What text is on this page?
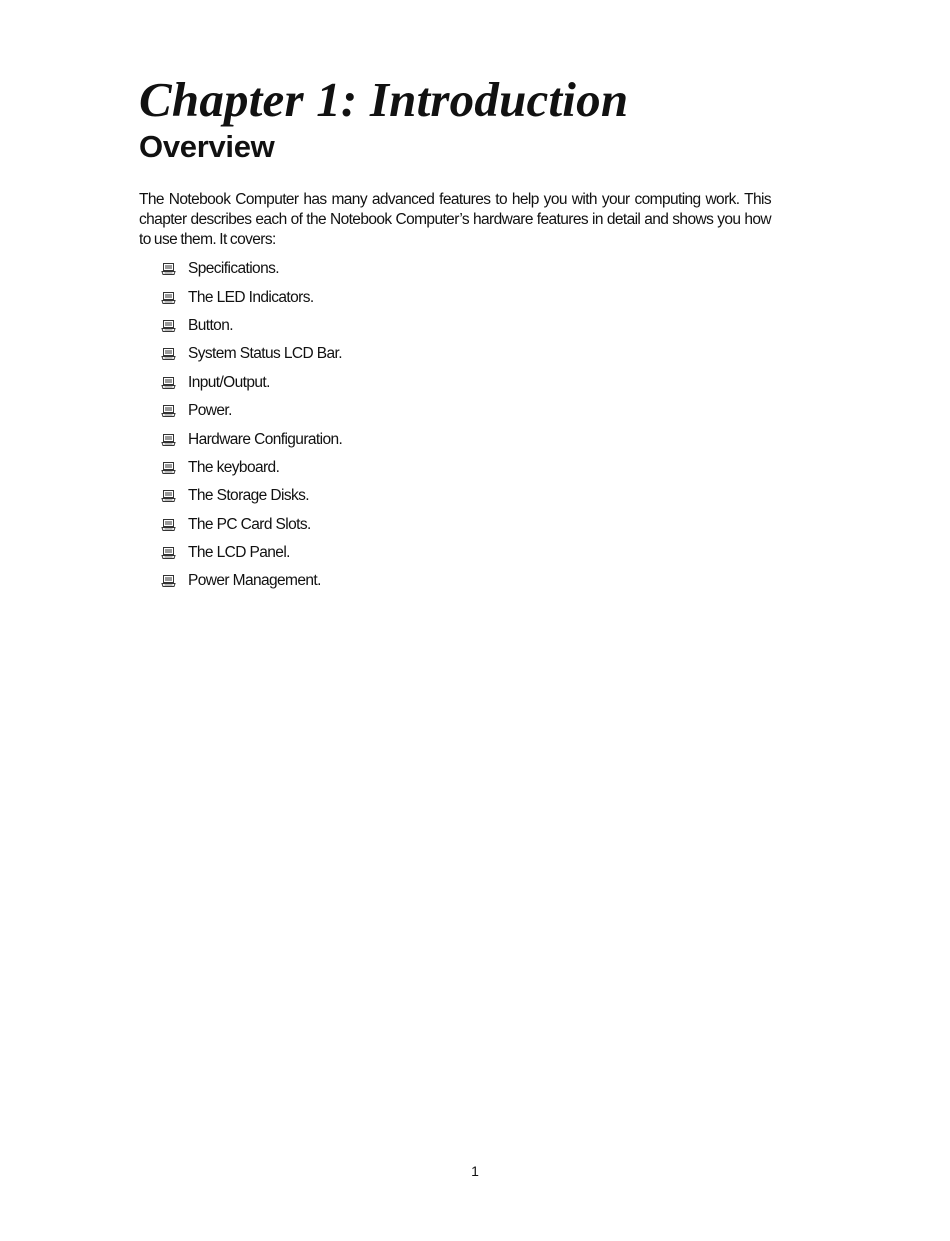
Chapter 1: Introduction
Overview

The Notebook Computer has many advanced features to help you with your computing work. This chapter describes each of the Notebook Computer’s hardware features in detail and shows you how to use them. It covers:

Specifications.
The LED Indicators.
Button.
System Status LCD Bar.
Input/Output.
Power.
Hardware Configuration.
The keyboard.
The Storage Disks.
The PC Card Slots.
The LCD Panel.
Power Management.
1
